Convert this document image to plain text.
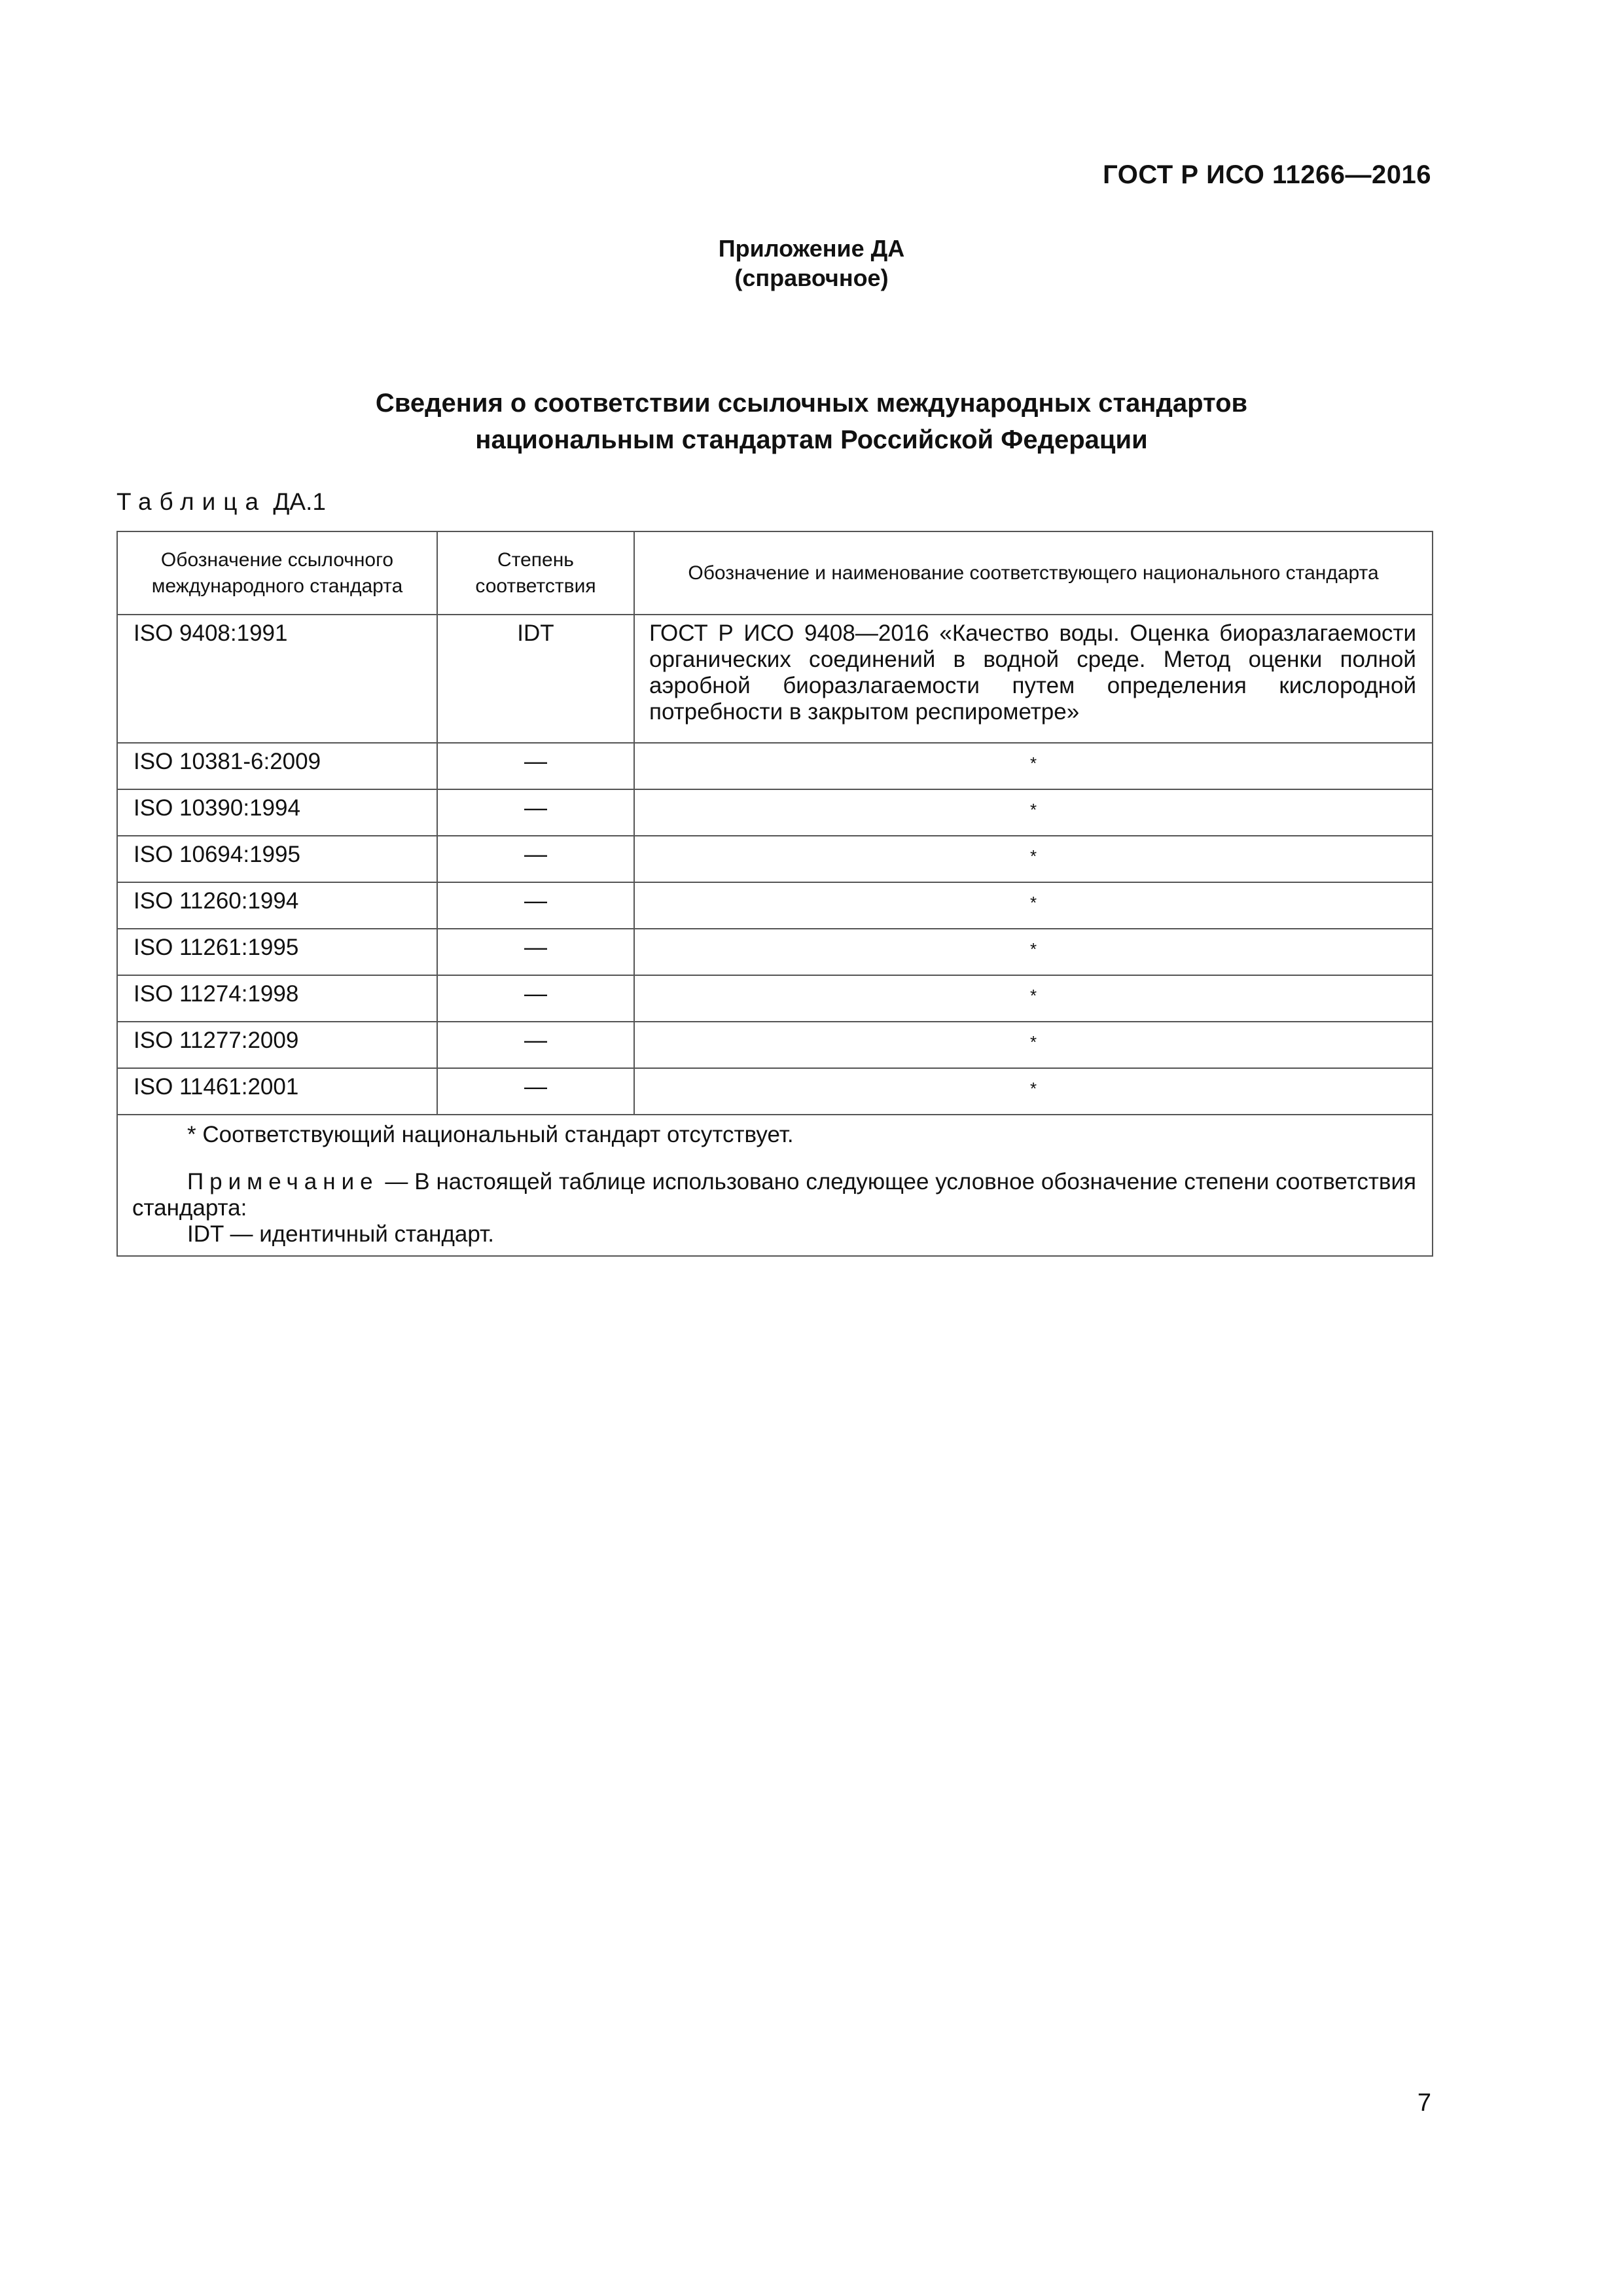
ГОСТ Р ИСО 11266—2016
Приложение ДА
(справочное)
Сведения о соответствии ссылочных международных стандартов
национальным стандартам Российской Федерации
Таблица ДА.1
Обозначение ссылочного международного стандарта	Степень соответствия	Обозначение и наименование соответствующего национального стандарта
ISO 9408:1991	IDT	ГОСТ Р ИСО 9408—2016 «Качество воды. Оценка биоразлагаемости органических соединений в водной среде. Метод оценки полной аэробной биоразлагаемости путем определения кислородной потребности в закрытом респирометре»
ISO 10381-6:2009	—	*
ISO 10390:1994	—	*
ISO 10694:1995	—	*
ISO 11260:1994	—	*
ISO 11261:1995	—	*
ISO 11274:1998	—	*
ISO 11277:2009	—	*
ISO 11461:2001	—	*

* Соответствующий национальный стандарт отсутствует.
Примечание — В настоящей таблице использовано следующее условное обозначение степени соответствия стандарта:
IDT — идентичный стандарт.		
7
